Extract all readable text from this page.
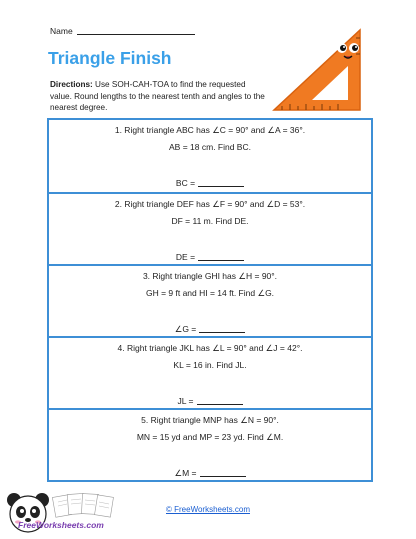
Name
Triangle Finish

Directions: Use SOH-CAH-TOA to find the requested value. Round lengths to the nearest tenth and angles to the nearest degree.

1. Right triangle ABC has ∠C = 90° and ∠A = 36°.
AB = 18 cm. Find BC.
BC =
2. Right triangle DEF has ∠F = 90° and ∠D = 53°.
DF = 11 m. Find DE.
DE =
3. Right triangle GHI has ∠H = 90°.
GH = 9 ft and HI = 14 ft. Find ∠G.
∠G =
4. Right triangle JKL has ∠L = 90° and ∠J = 42°.
KL = 16 in. Find JL.
JL =
5. Right triangle MNP has ∠N = 90°.
MN = 15 yd and MP = 23 yd. Find ∠M.
∠M =
FreeWorksheets.com
© FreeWorksheets.com
